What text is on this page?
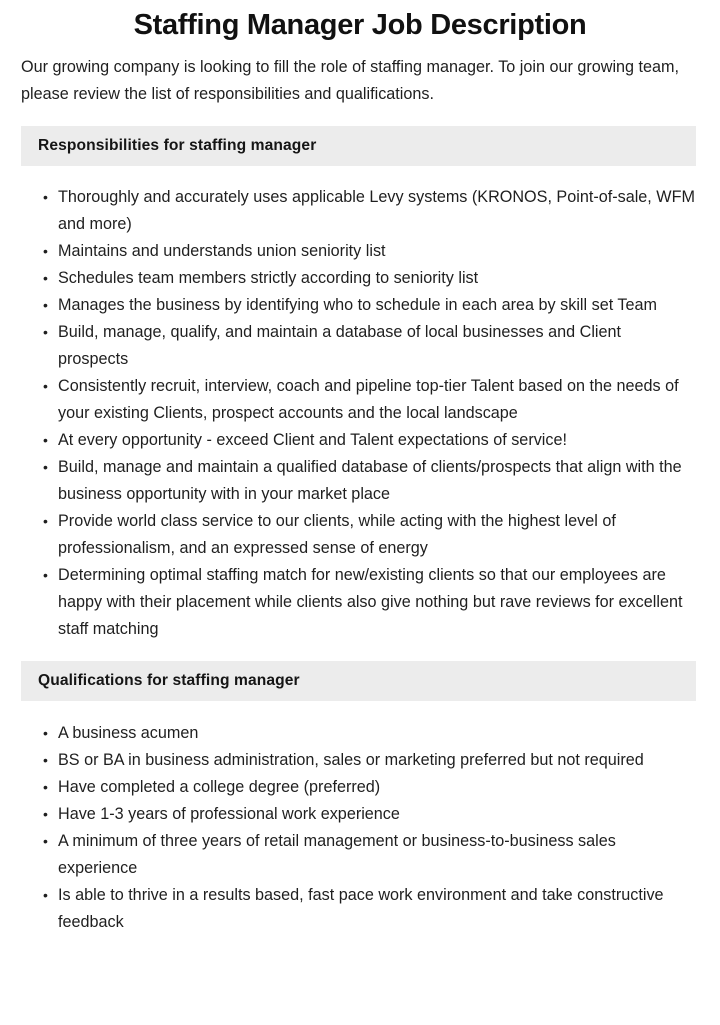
Staffing Manager Job Description

Our growing company is looking to fill the role of staffing manager. To join our growing team, please review the list of responsibilities and qualifications.

Responsibilities for staffing manager
• Thoroughly and accurately uses applicable Levy systems (KRONOS, Point-of-sale, WFM and more)
• Maintains and understands union seniority list
• Schedules team members strictly according to seniority list
• Manages the business by identifying who to schedule in each area by skill set Team
• Build, manage, qualify, and maintain a database of local businesses and Client prospects
• Consistently recruit, interview, coach and pipeline top-tier Talent based on the needs of your existing Clients, prospect accounts and the local landscape
• At every opportunity - exceed Client and Talent expectations of service!
• Build, manage and maintain a qualified database of clients/prospects that align with the business opportunity with in your market place
• Provide world class service to our clients, while acting with the highest level of professionalism, and an expressed sense of energy
• Determining optimal staffing match for new/existing clients so that our employees are happy with their placement while clients also give nothing but rave reviews for excellent staff matching
Qualifications for staffing manager
• A business acumen
• BS or BA in business administration, sales or marketing preferred but not required
• Have completed a college degree (preferred)
• Have 1-3 years of professional work experience
• A minimum of three years of retail management or business-to-business sales experience
• Is able to thrive in a results based, fast pace work environment and take constructive feedback
